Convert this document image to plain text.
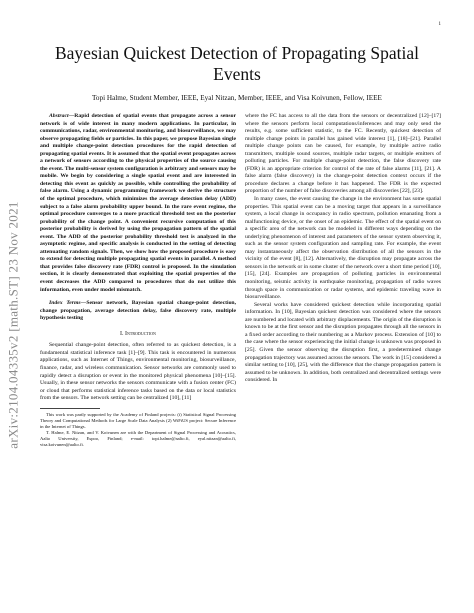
1
arXiv:2104.04335v2 [math.ST] 23 Nov 2021
Bayesian Quickest Detection of Propagating Spatial
Events
Topi Halme, Student Member, IEEE, Eyal Nitzan, Member, IEEE, and Visa Koivunen, Fellow, IEEE

Abstract—Rapid detection of spatial events that propagate across a sensor network is of wide interest in many modern applications. In particular, in communications, radar, environmental monitoring, and biosurveillance, we may observe propagating fields or particles. In this paper, we propose Bayesian single and multiple change-point detection procedures for the rapid detection of propagating spatial events. It is assumed that the spatial event propagates across a network of sensors according to the physical properties of the source causing the event. The multi-sensor system configuration is arbitrary and sensors may be mobile. We begin by considering a single spatial event and are interested in detecting this event as quickly as possible, while controlling the probability of false alarm. Using a dynamic programming framework we derive the structure of the optimal procedure, which minimizes the average detection delay (ADD) subject to a false alarm probability upper bound. In the rare event regime, the optimal procedure converges to a more practical threshold test on the posterior probability of the change point. A convenient recursive computation of this posterior probability is derived by using the propagation pattern of the spatial event. The ADD of the posterior probability threshold test is analyzed in the asymptotic regime, and specific analysis is conducted in the setting of detecting attenuating random signals. Then, we show how the proposed procedure is easy to extend for detecting multiple propagating spatial events in parallel. A method that provides false discovery rate (FDR) control is proposed. In the simulation section, it is clearly demonstrated that exploiting the spatial properties of the event decreases the ADD compared to procedures that do not utilize this information, even under model mismatch.

Index Terms—Sensor network, Bayesian spatial change-point detection, change propagation, average detection delay, false discovery rate, multiple hypothesis testing

I. Introduction

Sequential change-point detection, often referred to as quickest detection, is a fundamental statistical inference task [1]–[9]. This task is encountered in numerous applications, such as Internet of Things, environmental monitoring, biosurveillance, finance, radar, and wireless communication. Sensor networks are commonly used to rapidly detect a disruption or event in the monitored physical phenomena [10]–[15]. Usually, in these sensor networks the sensors communicate with a fusion center (FC) or cloud that performs statistical inference tasks based on the data or local statistics from the sensors. The network setting can be centralized [10], [11]

This work was partly supported by the Academy of Finland projects: (i) Statistical Signal Processing Theory and Computational Methods for Large Scale Data Analysis (2) WiFiUS project: Secure Inference in the Internet of Things.

T. Halme, E. Nitzan, and V. Koivunen are with the Department of Signal Processing and Acoustics, Aalto University, Espoo, Finland; e-mail: topi.halme@aalto.fi, eyal.nitzan@aalto.fi, visa.koivunen@aalto.fi.

where the FC has access to all the data from the sensors or decentralized [12]–[17] where the sensors perform local computations/inferences and may only send the results, e.g. some sufficient statistic, to the FC. Recently, quickest detection of multiple change points in parallel has gained wide interest [1], [18]–[21]. Parallel multiple change points can be caused, for example, by multiple active radio transmitters, multiple sound sources, multiple radar targets, or multiple emitters of polluting particles. For multiple change-point detection, the false discovery rate (FDR) is an appropriate criterion for control of the rate of false alarms [11], [21]. A false alarm (false discovery) in the change-point detection context occurs if the procedure declares a change before it has happened. The FDR is the expected proportion of the number of false discoveries among all discoveries [22], [23].

In many cases, the event causing the change in the environment has some spatial properties. This spatial event can be a moving target that appears in a surveillance system, a local change in occupancy in radio spectrum, pollution emanating from a malfunctioning device, or the onset of an epidemic. The effect of the spatial event on a specific area of the network can be modeled in different ways depending on the underlying phenomenon of interest and parameters of the sensor system observing it, such as the sensor system configuration and sampling rate. For example, the event may instantaneously affect the observation distribution of all the sensors in the vicinity of the event [8], [12]. Alternatively, the disruption may propagate across the sensors in the network or in some cluster of the network over a short time period [10], [15], [24]. Examples are propagation of polluting particles in environmental monitoring, seismic activity in earthquake monitoring, propagation of radio waves through space in communication or radar systems, and epidemic traveling wave in biosurveillance.

Several works have considered quickest detection while incorporating spatial information. In [10], Bayesian quickest detection was considered where the sensors are numbered and located with arbitrary displacements. The origin of the disruption is known to be at the first sensor and the disruption propagates through all the sensors in a fixed order according to their numbering as a Markov process. Extension of [10] to the case where the sensor experiencing the initial change is unknown was proposed in [25]. Given the sensor observing the disruption first, a predetermined change propagation trajectory was assumed across the sensors. The work in [15] considered a similar setting to [10], [25], with the difference that the change propagation pattern is assumed to be unknown. In addition, both centralized and decentralized settings were considered. In
